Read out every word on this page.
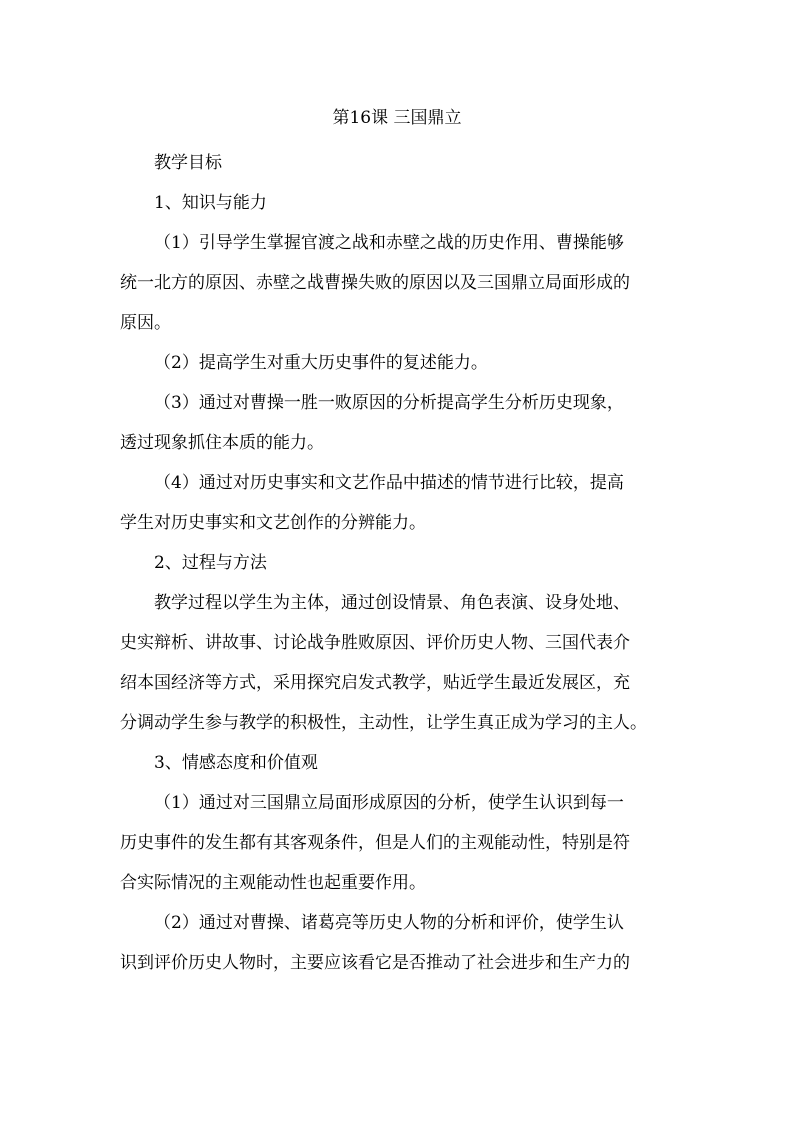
第16课 三国鼎立
教学目标
1、知识与能力
（1）引导学生掌握官渡之战和赤壁之战的历史作用、曹操能够
统一北方的原因、赤壁之战曹操失败的原因以及三国鼎立局面形成的
原因。
（2）提高学生对重大历史事件的复述能力。
（3）通过对曹操一胜一败原因的分析提高学生分析历史现象，
透过现象抓住本质的能力。
（4）通过对历史事实和文艺作品中描述的情节进行比较，提高
学生对历史事实和文艺创作的分辨能力。
2、过程与方法
教学过程以学生为主体，通过创设情景、角色表演、设身处地、
史实辩析、讲故事、讨论战争胜败原因、评价历史人物、三国代表介
绍本国经济等方式，采用探究启发式教学，贴近学生最近发展区，充
分调动学生参与教学的积极性，主动性，让学生真正成为学习的主人。
3、情感态度和价值观
（1）通过对三国鼎立局面形成原因的分析，使学生认识到每一
历史事件的发生都有其客观条件，但是人们的主观能动性，特别是符
合实际情况的主观能动性也起重要作用。
（2）通过对曹操、诸葛亮等历史人物的分析和评价，使学生认
识到评价历史人物时，主要应该看它是否推动了社会进步和生产力的
